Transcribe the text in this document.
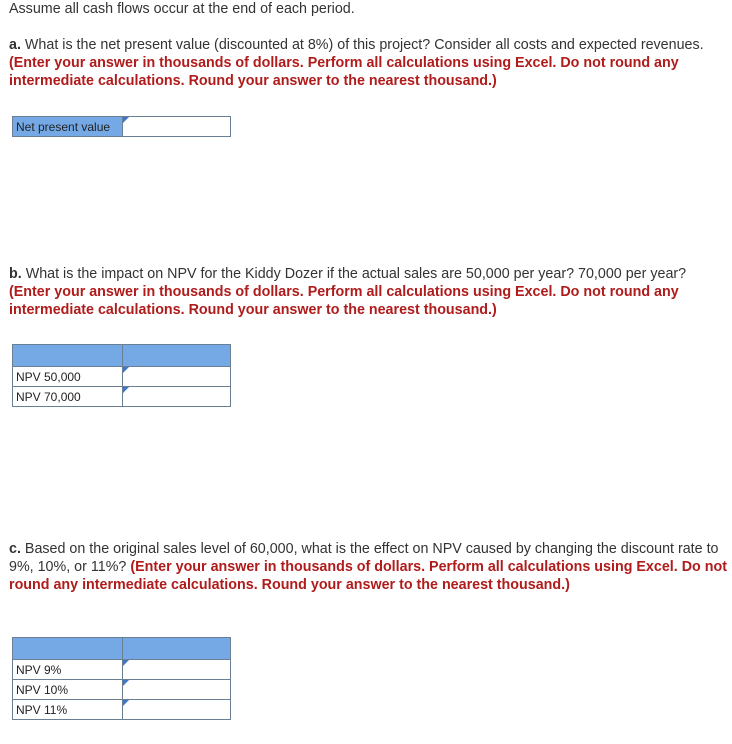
Assume all cash flows occur at the end of each period.

a. What is the net present value (discounted at 8%) of this project? Consider all costs and expected revenues. (Enter your answer in thousands of dollars. Perform all calculations using Excel. Do not round any intermediate calculations. Round your answer to the nearest thousand.)

Net present value	

b. What is the impact on NPV for the Kiddy Dozer if the actual sales are 50,000 per year? 70,000 per year? (Enter your answer in thousands of dollars. Perform all calculations using Excel. Do not round any intermediate calculations. Round your answer to the nearest thousand.)

NPV 50,000	
NPV 70,000	

c. Based on the original sales level of 60,000, what is the effect on NPV caused by changing the discount rate to 9%, 10%, or 11%? (Enter your answer in thousands of dollars. Perform all calculations using Excel. Do not round any intermediate calculations. Round your answer to the nearest thousand.)

NPV 9%	
NPV 10%	
NPV 11%	
